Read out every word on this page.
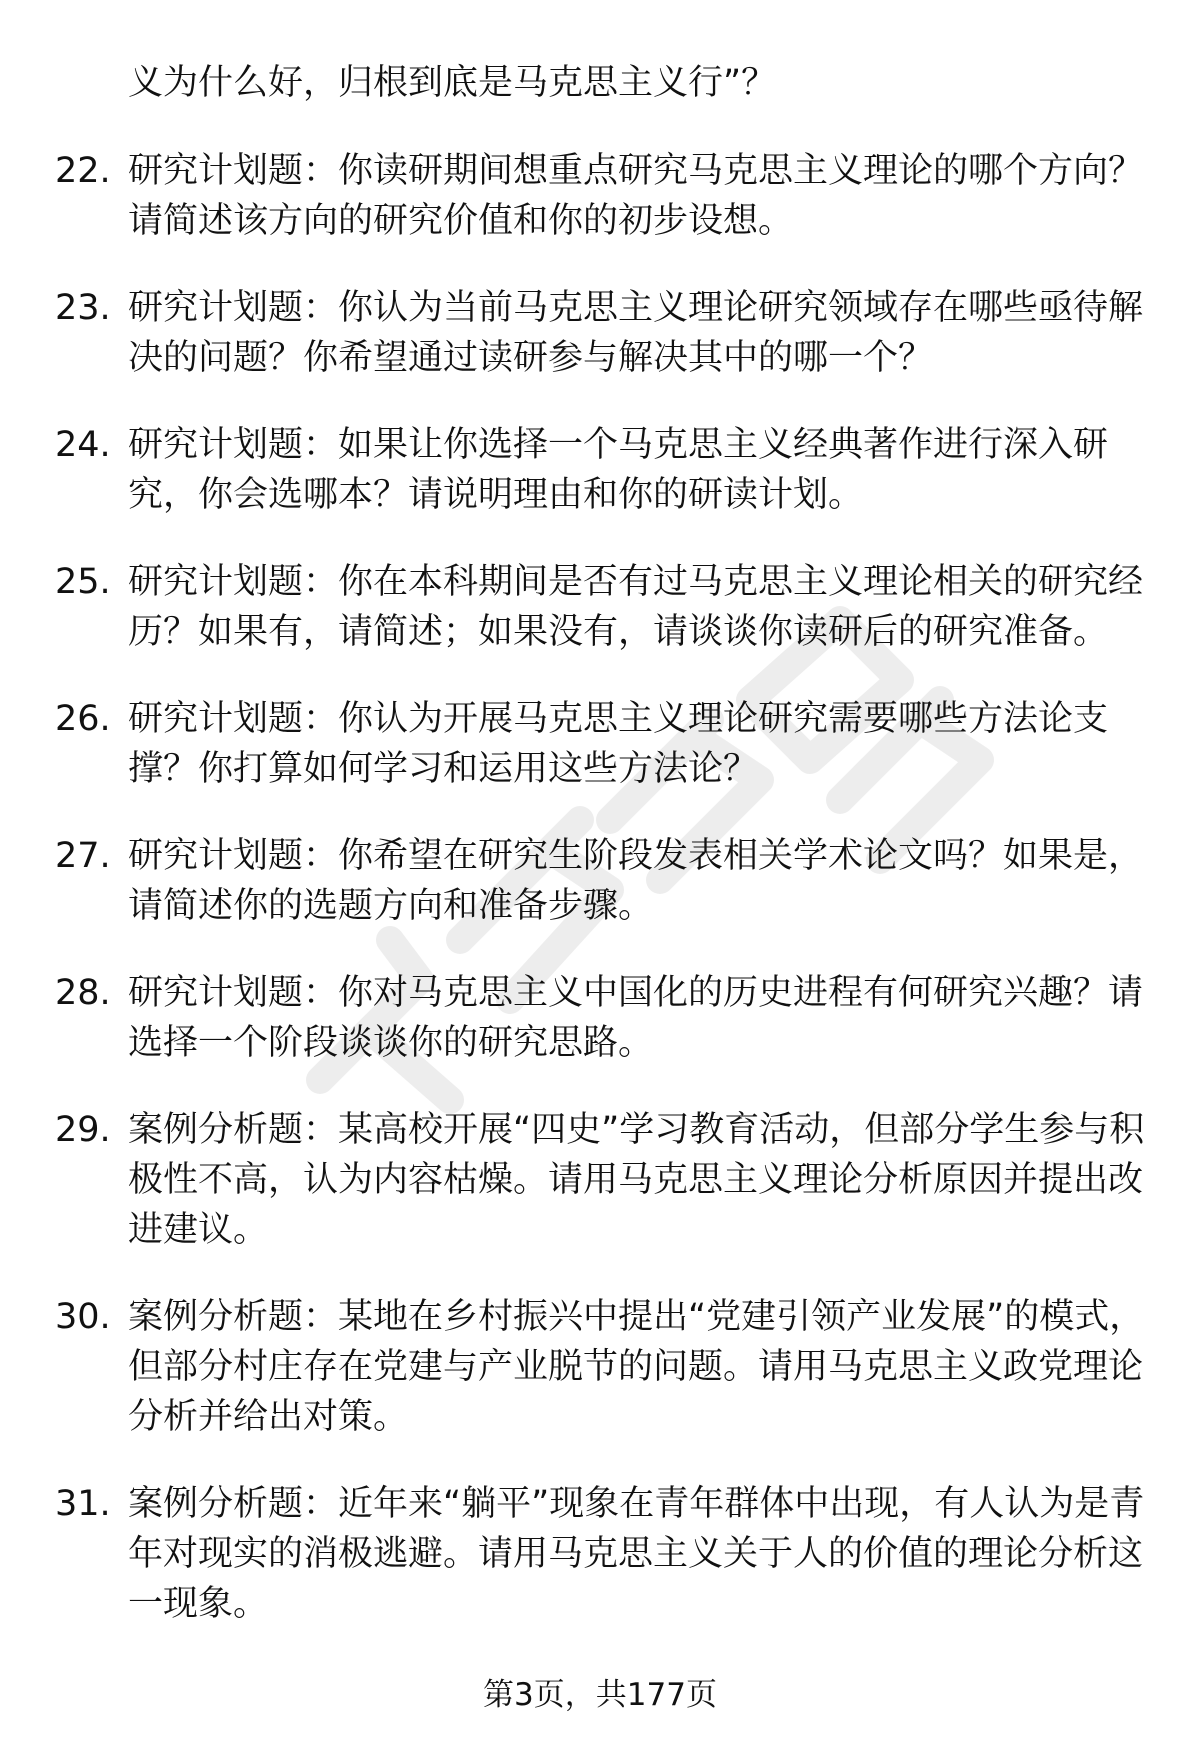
义为什么好，归根到底是马克思主义行”？
22. 研究计划题：你读研期间想重点研究马克思主义理论的哪个方向？请简述该方向的研究价值和你的初步设想。
23. 研究计划题：你认为当前马克思主义理论研究领域存在哪些亟待解决的问题？你希望通过读研参与解决其中的哪一个？
24. 研究计划题：如果让你选择一个马克思主义经典著作进行深入研究，你会选哪本？请说明理由和你的研读计划。
25. 研究计划题：你在本科期间是否有过马克思主义理论相关的研究经历？如果有，请简述；如果没有，请谈谈你读研后的研究准备。
26. 研究计划题：你认为开展马克思主义理论研究需要哪些方法论支撑？你打算如何学习和运用这些方法论？
27. 研究计划题：你希望在研究生阶段发表相关学术论文吗？如果是，请简述你的选题方向和准备步骤。
28. 研究计划题：你对马克思主义中国化的历史进程有何研究兴趣？请选择一个阶段谈谈你的研究思路。
29. 案例分析题：某高校开展“四史”学习教育活动，但部分学生参与积极性不高，认为内容枯燥。请用马克思主义理论分析原因并提出改进建议。
30. 案例分析题：某地在乡村振兴中提出“党建引领产业发展”的模式，但部分村庄存在党建与产业脱节的问题。请用马克思主义政党理论分析并给出对策。
31. 案例分析题：近年来“躺平”现象在青年群体中出现，有人认为是青年对现实的消极逃避。请用马克思主义关于人的价值的理论分析这一现象。
第3页，共177页
